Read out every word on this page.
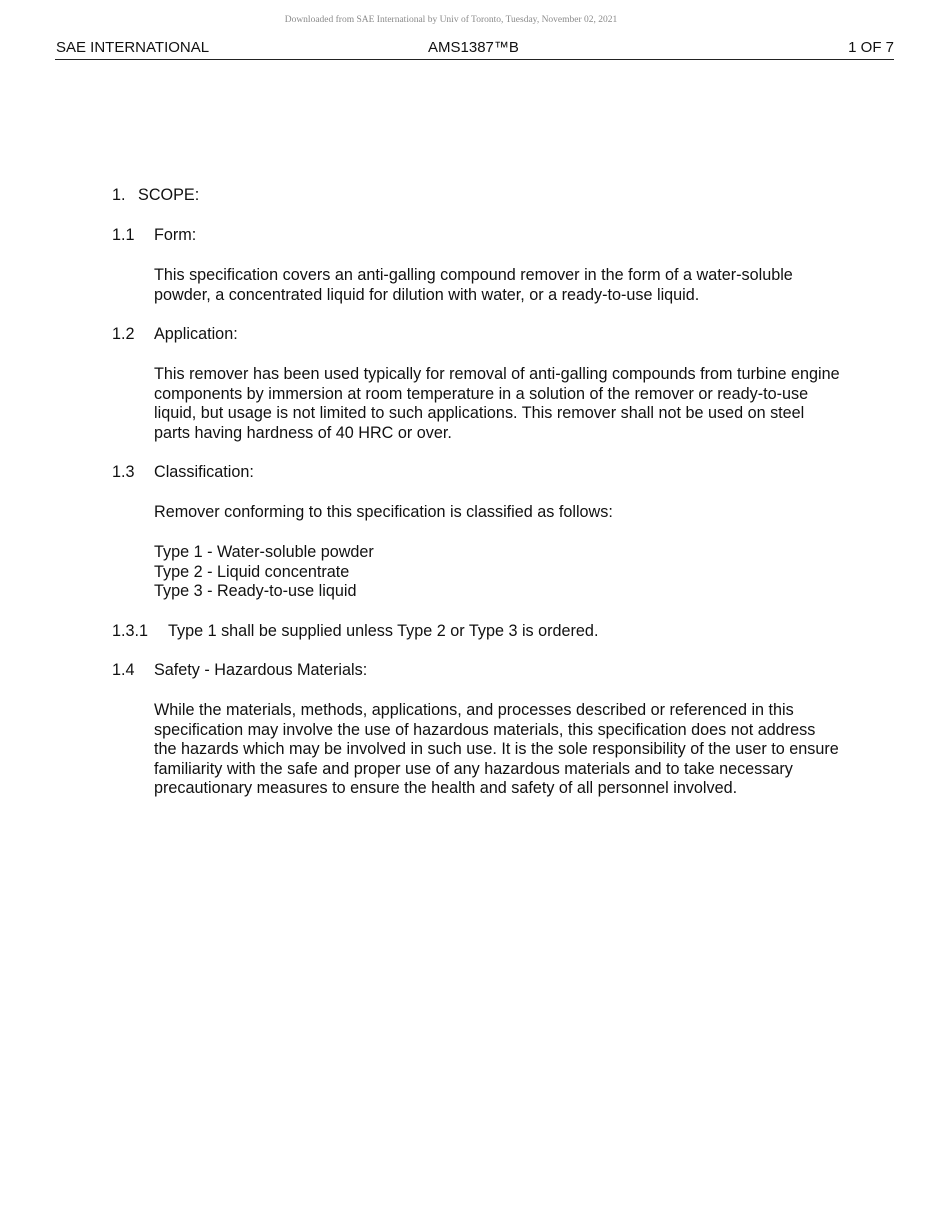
Downloaded from SAE International by Univ of Toronto, Tuesday, November 02, 2021
SAE INTERNATIONAL	AMS1387™B	1 OF 7
1. SCOPE:
1.1 Form:
This specification covers an anti-galling compound remover in the form of a water-soluble
powder, a concentrated liquid for dilution with water, or a ready-to-use liquid.
1.2 Application:
This remover has been used typically for removal of anti-galling compounds from turbine engine
components by immersion at room temperature in a solution of the remover or ready-to-use
liquid, but usage is not limited to such applications. This remover shall not be used on steel
parts having hardness of 40 HRC or over.
1.3 Classification:
Remover conforming to this specification is classified as follows:
Type 1 - Water-soluble powder
Type 2 - Liquid concentrate
Type 3 - Ready-to-use liquid
1.3.1 Type 1 shall be supplied unless Type 2 or Type 3 is ordered.
1.4 Safety - Hazardous Materials:
While the materials, methods, applications, and processes described or referenced in this
specification may involve the use of hazardous materials, this specification does not address
the hazards which may be involved in such use. It is the sole responsibility of the user to ensure
familiarity with the safe and proper use of any hazardous materials and to take necessary
precautionary measures to ensure the health and safety of all personnel involved.
